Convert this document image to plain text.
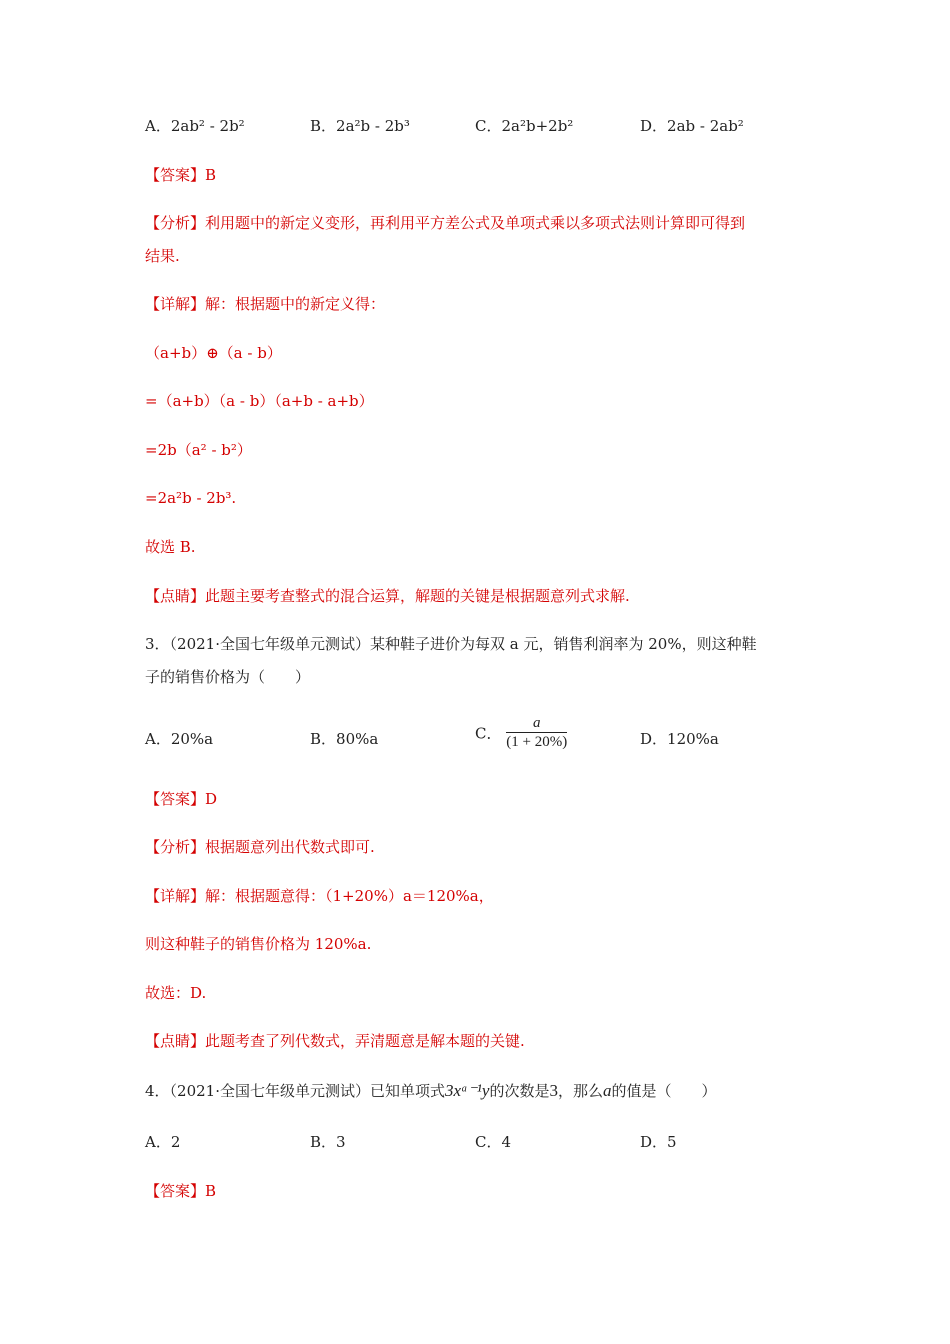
A．2ab² - 2b²	B．2a²b - 2b³	C．2a²b+2b²	D．2ab - 2ab²
【答案】B
【分析】利用题中的新定义变形，再利用平方差公式及单项式乘以多项式法则计算即可得到
结果.
【详解】解：根据题中的新定义得：
（a+b）⊕（a - b）
=（a+b）（a - b）（a+b - a+b）
=2b（a² - b²）
=2a²b - 2b³.
故选 B.
【点睛】此题主要考查整式的混合运算，解题的关键是根据题意列式求解.
3．（2021·全国七年级单元测试）某种鞋子进价为每双 a 元，销售利润率为 20%，则这种鞋
子的销售价格为（　　）
A．20%a	B．80%a	C． $\frac{a}{(1 + 20\%)}$	D．120%a
【答案】D
【分析】根据题意列出代数式即可.
【详解】解：根据题意得：（1+20%）a＝120%a，
则这种鞋子的销售价格为 120%a.
故选：D.
【点睛】此题考查了列代数式，弄清题意是解本题的关键.
4．（2021·全国七年级单元测试）已知单项式3xᵃ⁻¹y的次数是3，那么a的值是（　　）
A．2	B．3	C．4	D．5
【答案】B
